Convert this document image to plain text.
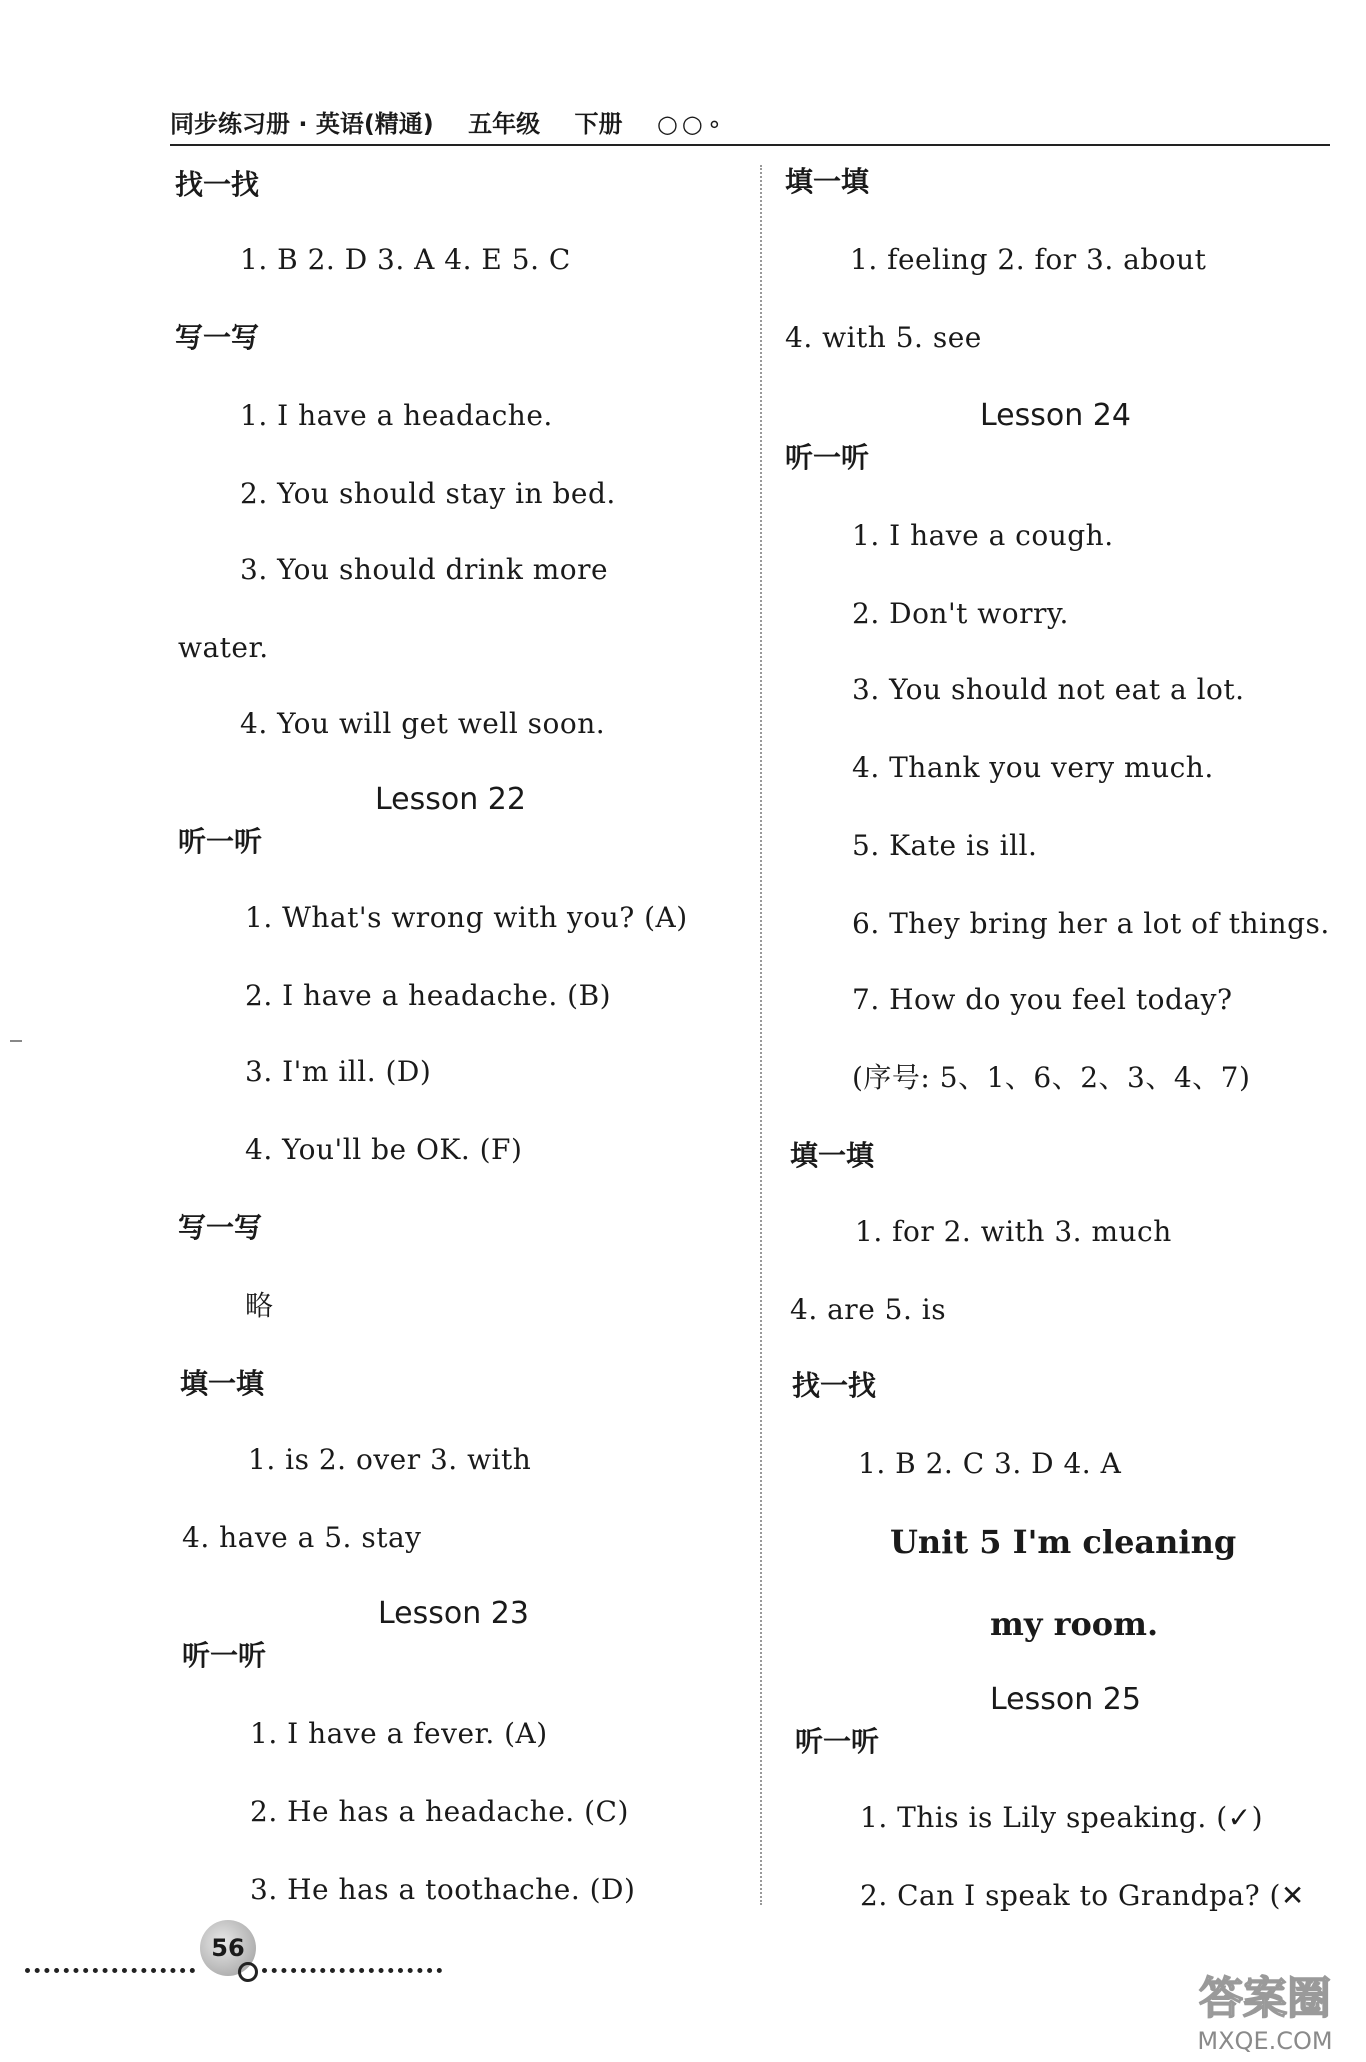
同步练习册 · 英语(精通) 五年级 下册 ○○∘
找一找
1. B 2. D 3. A 4. E 5. C
写一写
1. I have a headache.
2. You should stay in bed.
3. You should drink more
water.
4. You will get well soon.
Lesson 22
听一听
1. What's wrong with you? (A)
2. I have a headache. (B)
3. I'm ill. (D)
4. You'll be OK. (F)
写一写
略
填一填
1. is 2. over 3. with
4. have a 5. stay
Lesson 23
听一听
1. I have a fever. (A)
2. He has a headache. (C)
3. He has a toothache. (D)
填一填
1. feeling 2. for 3. about
4. with 5. see
Lesson 24
听一听
1. I have a cough.
2. Don't worry.
3. You should not eat a lot.
4. Thank you very much.
5. Kate is ill.
6. They bring her a lot of things.
7. How do you feel today?
(序号: 5、1、6、2、3、4、7)
填一填
1. for 2. with 3. much
4. are 5. is
找一找
1. B 2. C 3. D 4. A
Unit 5 I'm cleaning
my room.
Lesson 25
听一听
1. This is Lily speaking. (✓)
2. Can I speak to Grandpa? (✕
56
答案圈
MXQE.COM
